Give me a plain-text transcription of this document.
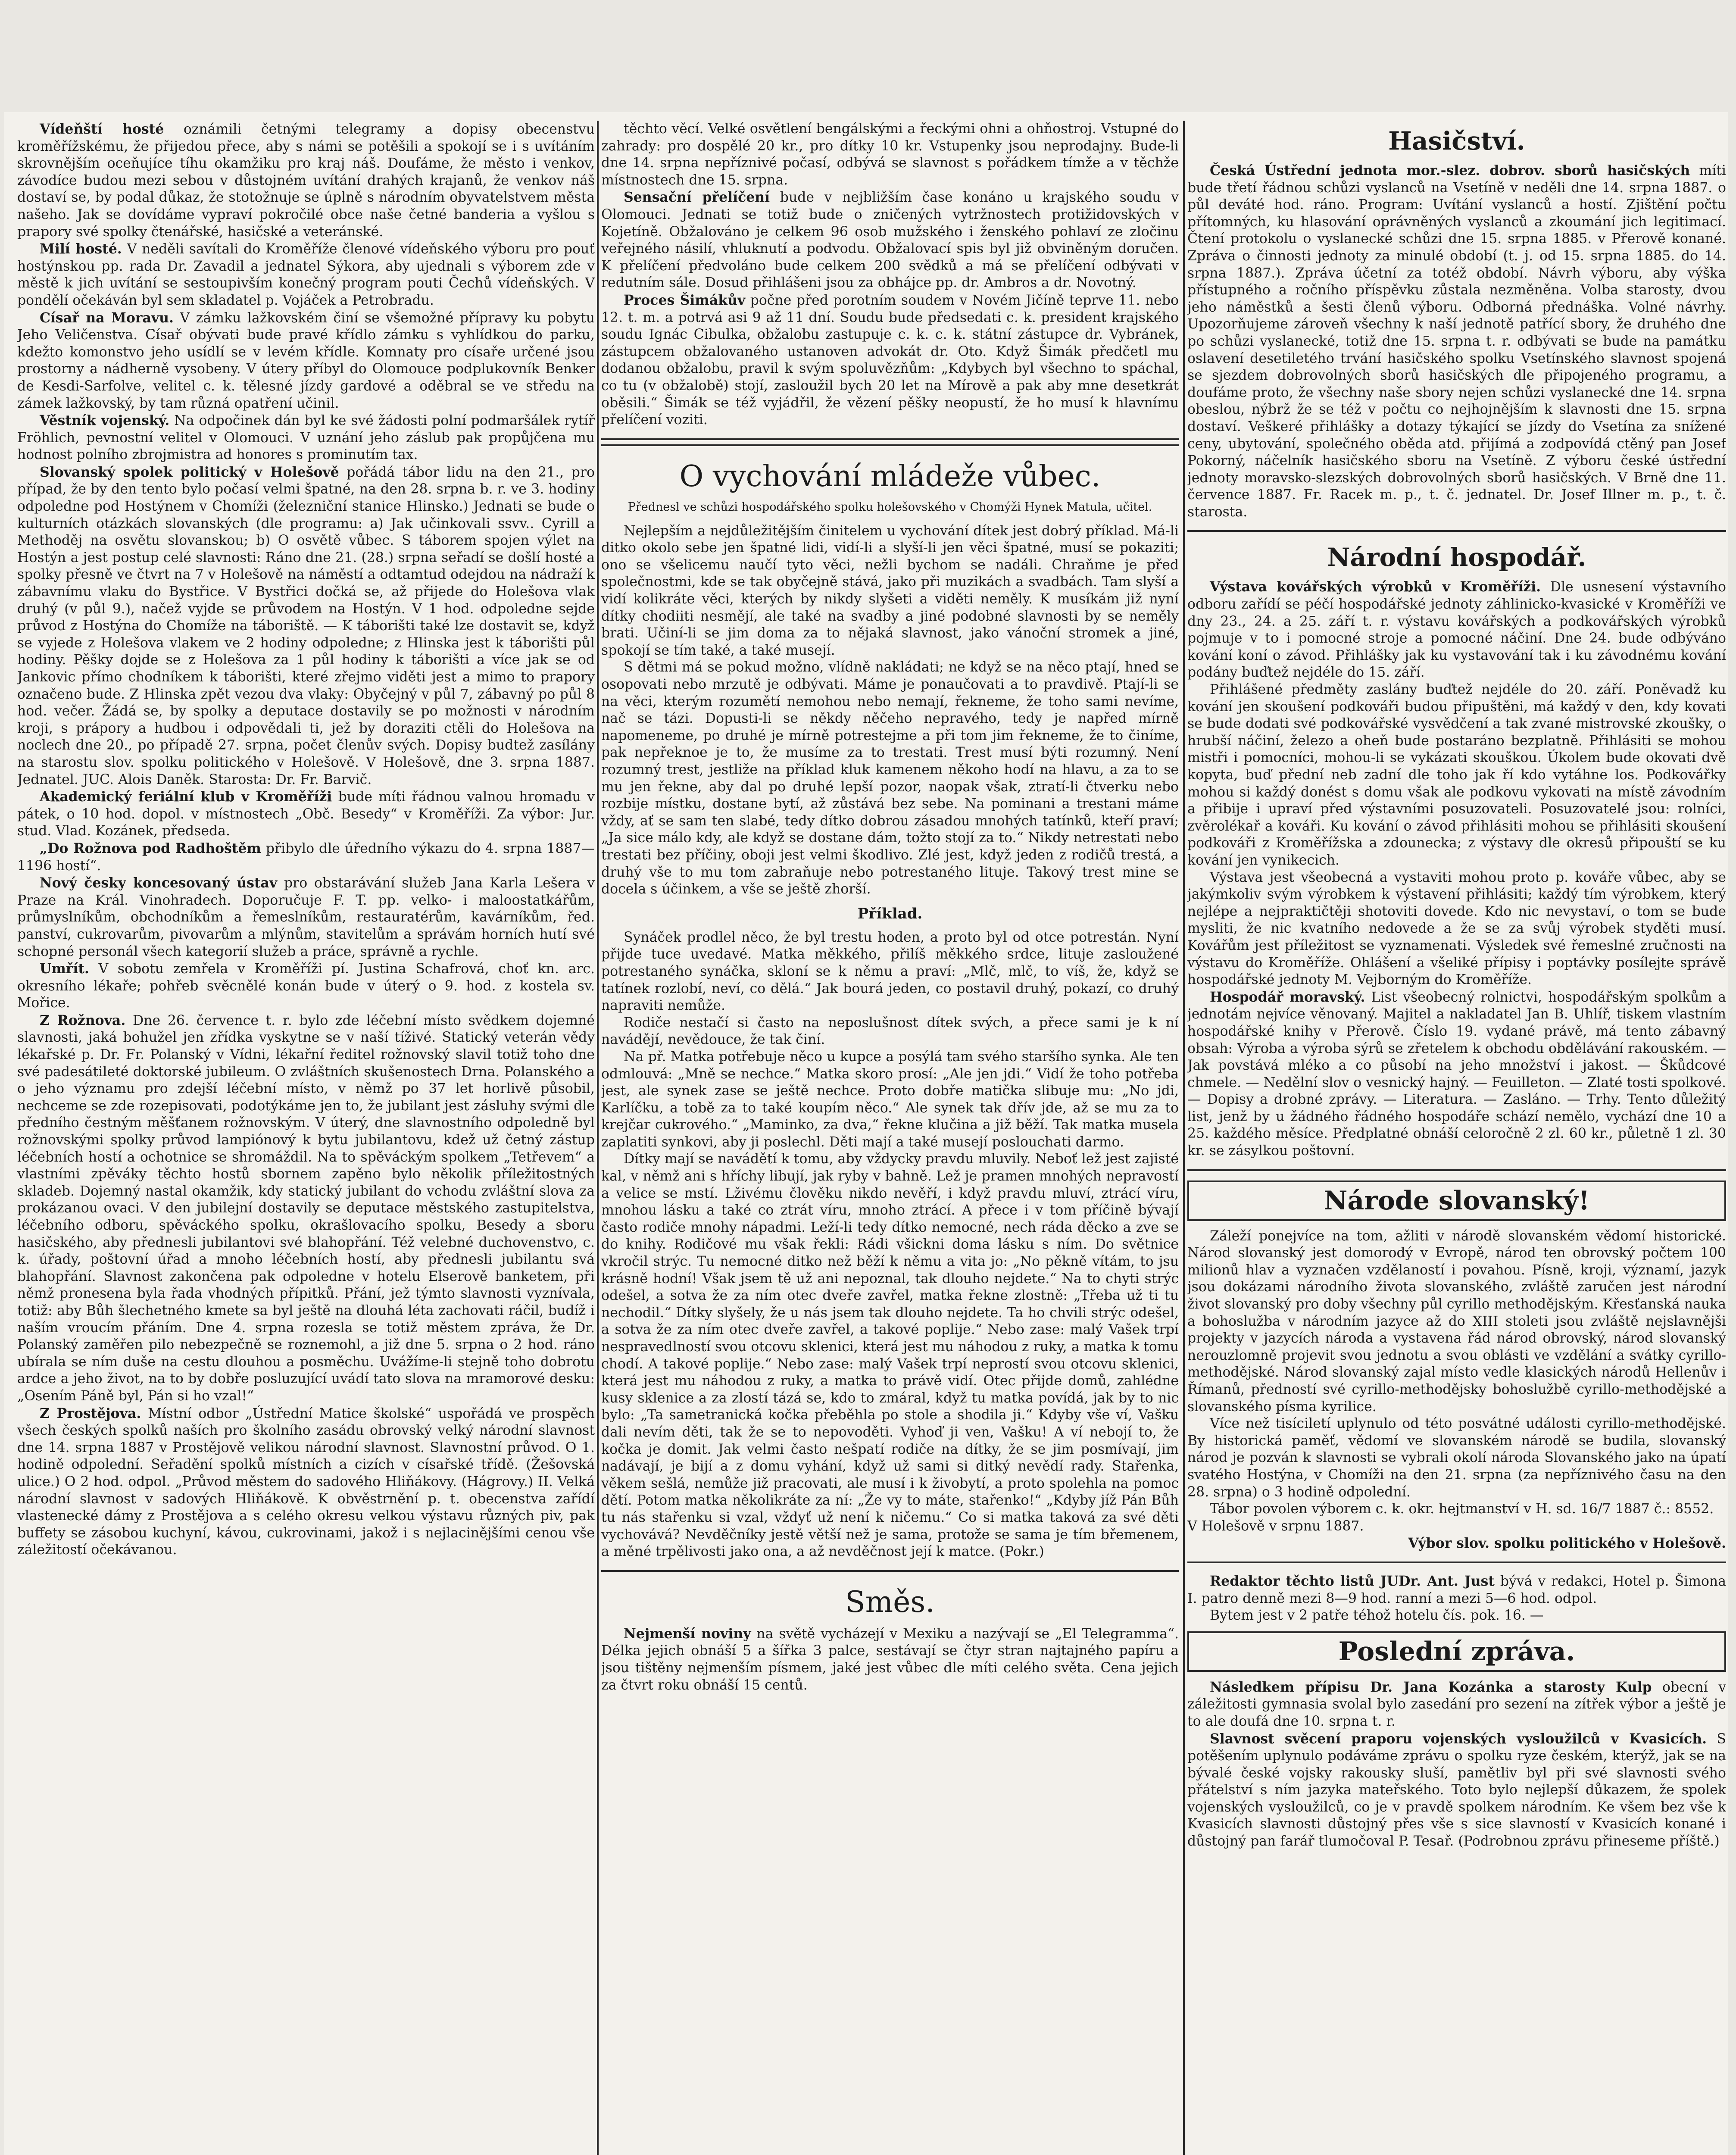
Vídeňští hosté oznámili četnými telegramy a dopisy obecenstvu kroměřížskému, že přijedou přece, aby s námi se potěšili a spokojí se i s uvítáním skrovnějším oceňujíce tíhu okamžiku pro kraj náš. Doufáme, že město i venkov, závodíce budou mezi sebou v důstojném uvítání drahých krajanů, že venkov náš dostaví se, by podal důkaz, že stotožnuje se úplně s národním obyvatelstvem města našeho. Jak se dovídáme vypraví pokročilé obce naše četné banderia a vyšlou s prapory své spolky čtenářské, hasičské a veteránské.

Milí hosté. V neděli savítali do Kroměříže členové vídeňského výboru pro pouť hostýnskou pp. rada Dr. Zavadil a jednatel Sýkora, aby ujednali s výborem zde v městě k jich uvítání se sestoupivším konečný program pouti Čechů vídeňských. V pondělí očekáván byl sem skladatel p. Vojáček a Petrobradu.

Císař na Moravu. V zámku lažkovském činí se všemožné přípravy ku pobytu Jeho Veličenstva. Císař obývati bude pravé křídlo zámku s vyhlídkou do parku, kdežto komonstvo jeho usídlí se v levém křídle. Komnaty pro císaře určené jsou prostorny a nádherně vysobeny. V útery příbyl do Olomouce podplukovník Benker de Kesdi-Sarfolve, velitel c. k. tělesné jízdy gardové a oděbral se ve středu na zámek lažkovský, by tam různá opatření učinil.

Věstník vojenský. Na odpočinek dán byl ke své žádosti polní podmaršálek rytíř Fröhlich, pevnostní velitel v Olomouci. V uznání jeho záslub pak propůjčena mu hodnost polního zbrojmistra ad honores s prominutím tax.

Slovanský spolek politický v Holešově pořádá tábor lidu na den 21., pro případ, že by den tento bylo počasí velmi špatné, na den 28. srpna b. r. ve 3. hodiny odpoledne pod Hostýnem v Chomíži (železniční stanice Hlinsko.) Jednati se bude o kulturních otázkách slovanských (dle programu: a) Jak učinkovali ssvv.. Cyrill a Methoděj na osvětu slovanskou; b) O osvětě vůbec. S táborem spojen výlet na Hostýn a jest postup celé slavnosti: Ráno dne 21. (28.) srpna seřadí se došlí hosté a spolky přesně ve čtvrt na 7 v Holešově na náměstí a odtamtud odejdou na nádraží k zábavnímu vlaku do Bystřice. V Bystřici dočká se, až přijede do Holešova vlak druhý (v půl 9.), načež vyjde se průvodem na Hostýn. V 1 hod. odpoledne sejde průvod z Hostýna do Chomíže na táboriště. — K táborišti také lze dostavit se, když se vyjede z Holešova vlakem ve 2 hodiny odpoledne; z Hlinska jest k táborišti půl hodiny. Pěšky dojde se z Holešova za 1 půl hodiny k táborišti a více jak se od Jankovic přímo chodníkem k táborišti, které zřejmo viděti jest a mimo to prapory označeno bude. Z Hlinska zpět vezou dva vlaky: Obyčejný v půl 7, zábavný po půl 8 hod. večer. Žádá se, by spolky a deputace dostavily se po možnosti v národním kroji, s prápory a hudbou i odpovědali ti, jež by doraziti ctěli do Holešova na noclech dne 20., po případě 27. srpna, počet členův svých. Dopisy budtež zasílány na starostu slov. spolku politického v Holešově. V Holešově, dne 3. srpna 1887. Jednatel. JUC. Alois Daněk. Starosta: Dr. Fr. Barvič.

Akademický feriální klub v Kroměříži bude míti řádnou valnou hromadu v pátek, o 10 hod. dopol. v místnostech „Obč. Besedy“ v Kroměříži. Za výbor: Jur. stud. Vlad. Kozánek, předseda.

„Do Rožnova pod Radhoštěm přibylo dle úředního výkazu do 4. srpna 1887—1196 hostí“.

Nový česky koncesovaný ústav pro obstarávání služeb Jana Karla Lešera v Praze na Král. Vinohradech. Doporučuje F. T. pp. velko- i maloostatkářům, průmyslníkům, obchodníkům a řemeslníkům, restauratérům, kavárníkům, řed. panství, cukrovarům, pivovarům a mlýnům, stavitelům a správám horních hutí své schopné personál všech kategorií služeb a práce, správně a rychle.

Umřít. V sobotu zemřela v Kroměříži pí. Justina Schafrová, choť kn. arc. okresního lékaře; pohřeb svěcnělé konán bude v úterý o 9. hod. z kostela sv. Mořice.

Z Rožnova. Dne 26. července t. r. bylo zde léčební místo svědkem dojemné slavnosti, jaká bohužel jen zřídka vyskytne se v naší tíživé. Statický veterán vědy lékařské p. Dr. Fr. Polanský v Vídni, lékařní ředitel rožnovský slavil totiž toho dne své padesátileté doktorské jubileum. O zvláštních skušenostech Drna. Polanského a o jeho významu pro zdejší léčební místo, v němž po 37 let horlivě působil, nechceme se zde rozepisovati, podotýkáme jen to, že jubilant jest zásluhy svými dle předního čestným měšťanem rožnovským. V úterý, dne slavnostního odpoledně byl rožnovskými spolky průvod lampiónový k bytu jubilantovu, kdež už četný zástup léčebních hostí a ochotnice se shromáždil. Na to spěváckým spolkem „Tetřevem“ a vlastními zpěváky těchto hostů sbornem zapěno bylo několik příležitostných skladeb. Dojemný nastal okamžik, kdy statický jubilant do vchodu zvláštní slova za prokázanou ovaci. V den jubilejní dostavily se deputace městského zastupitelstva, léčebního odboru, spěváckého spolku, okrašlovacího spolku, Besedy a sboru hasičského, aby přednesli jubilantovi své blahopřání. Též velebné duchovenstvo, c. k. úřady, poštovní úřad a mnoho léčebních hostí, aby přednesli jubilantu svá blahopřání. Slavnost zakončena pak odpoledne v hotelu Elserově banketem, při němž pronesena byla řada vhodných přípitků. Přání, jež týmto slavnosti vyznívala, totiž: aby Bůh šlechetného kmete sa byl ještě na dlouhá léta zachovati ráčil, budíž i naším vroucím přáním. Dne 4. srpna rozesla se totiž městem zpráva, že Dr. Polanský zaměřen pilo nebezpečně se roznemohl, a již dne 5. srpna o 2 hod. ráno ubírala se ním duše na cestu dlouhou a posměchu. Uvážíme-li stejně toho dobrotu ardce a jeho život, na to by dobře posluzující uvádí tato slova na mramorové desku: „Osením Páně byl, Pán si ho vzal!“

Z Prostějova. Místní odbor „Ústřední Matice školské“ uspořádá ve prospěch všech českých spolků naších pro školního zasádu obrovský velký národní slavnost dne 14. srpna 1887 v Prostějově velikou národní slavnost. Slavnostní průvod. O 1. hodině odpolední. Seřadění spolků místních a cizích v císařské třídě. (Žešovská ulice.) O 2 hod. odpol. „Průvod městem do sadového Hliňákovy. (Hágrovy.) II. Velká národní slavnost v sadových Hliňákově. K obvěstrnění p. t. obecenstva zařídí vlastenecké dámy z Prostějova a s celého okresu velkou výstavu různých piv, pak buffety se zásobou kuchyní, kávou, cukrovinami, jakož i s nejlacinějšími cenou vše záležitostí očekávanou.

těchto věcí. Velké osvětlení bengálskými a řeckými ohni a ohňostroj. Vstupné do zahrady: pro dospělé 20 kr., pro dítky 10 kr. Vstupenky jsou neprodajny. Bude-li dne 14. srpna nepříznivé počasí, odbývá se slavnost s pořádkem tímže a v těchže místnostech dne 15. srpna.

Sensační přelíčení bude v nejbližším čase konáno u krajského soudu v Olomouci. Jednati se totiž bude o zničených vytržnostech protižidovských v Kojetíně. Obžalováno je celkem 96 osob mužského i ženského pohlaví ze zločinu veřejného násilí, vhluknutí a podvodu. Obžalovací spis byl již obviněným doručen. K přelíčení předvoláno bude celkem 200 svědků a má se přelíčení odbývati v redutním sále. Dosud přihlášeni jsou za obhájce pp. dr. Ambros a dr. Novotný.

Proces Šimákův počne před porotním soudem v Novém Jičíně teprve 11. nebo 12. t. m. a potrvá asi 9 až 11 dní. Soudu bude předsedati c. k. president krajského soudu Ignác Cibulka, obžalobu zastupuje c. k. c. k. státní zástupce dr. Vybránek, zástupcem obžalovaného ustanoven advokát dr. Oto. Když Šimák předčetl mu dodanou obžalobu, pravil k svým spoluvězňům: „Kdybych byl všechno to spáchal, co tu (v obžalobě) stojí, zasloužil bych 20 let na Mírově a pak aby mne desetkrát oběsili.“ Šimák se též vyjádřil, že vězení pěšky neopustí, že ho musí k hlavnímu přelíčení voziti.

O vychování mládeže vůbec.
Přednesl ve schůzi hospodářského spolku holešovského v Chomýži Hynek Matula, učitel.

Nejlepším a nejdůležitějším činitelem u vychování dítek jest dobrý příklad. Má-li ditko okolo sebe jen špatné lidi, vidí-li a slyší-li jen věci špatné, musí se pokaziti; ono se všelicemu naučí tyto věci, nežli bychom se nadáli. Chraňme je před společnostmi, kde se tak obyčejně stává, jako při muzikách a svadbách. Tam slyší a vidí kolikráte věci, kterých by nikdy slyšeti a viděti neměly. K musíkám již nyní dítky chodiiti nesmějí, ale také na svadby a jiné podobné slavnosti by se neměly brati. Učiní-li se jim doma za to nějaká slavnost, jako vánoční stromek a jiné, spokojí se tím také, a také musejí.

S dětmi má se pokud možno, vlídně nakládati; ne když se na něco ptají, hned se osopovati nebo mrzutě je odbývati. Máme je ponaučovati a to pravdivě. Ptají-li se na věci, kterým rozumětí nemohou nebo nemají, řekneme, že toho sami nevíme, nač se tázi. Dopusti-li se někdy něčeho nepravého, tedy je napřed mírně napomeneme, po druhé je mírně potrestejme a při tom jim řekneme, že to činíme, pak nepřeknoe je to, že musíme za to trestati. Trest musí býti rozumný. Není rozumný trest, jestliže na příklad kluk kamenem někoho hodí na hlavu, a za to se mu jen řekne, aby dal po druhé lepší pozor, naopak však, ztratí-li čtverku nebo rozbije místku, dostane bytí, až zůstává bez sebe. Na pominani a trestani máme vždy, ať se sam ten slabé, tedy dítko dobrou zásadou mnohých tatínků, kteří praví; „Ja sice málo kdy, ale když se dostane dám, tožto stojí za to.“ Nikdy netrestati nebo trestati bez příčiny, oboji jest velmi škodlivo. Zlé jest, když jeden z rodičů trestá, a druhý vše to mu tom zabraňuje nebo potrestaného lituje. Takový trest mine se docela s účinkem, a vše se ještě zhorší.

Příklad.

Synáček prodlel něco, že byl trestu hoden, a proto byl od otce potrestán. Nyní přijde tuce uvedavé. Matka měkkého, přilíš měkkého srdce, lituje zasloužené potrestaného synáčka, skloní se k němu a praví: „Mlč, mlč, to víš, že, když se tatínek rozlobí, neví, co dělá.“ Jak bourá jeden, co postavil druhý, pokazí, co druhý napraviti nemůže.

Rodiče nestačí si často na neposlušnost dítek svých, a přece sami je k ní navádějí, nevědouce, že tak činí.

Na př. Matka potřebuje něco u kupce a posýlá tam svého staršího synka. Ale ten odmlouvá: „Mně se nechce.“ Matka skoro prosí: „Ale jen jdi.“ Vidí že toho potřeba jest, ale synek zase se ještě nechce. Proto dobře matička slibuje mu: „No jdi, Karlíčku, a tobě za to také koupím něco.“ Ale synek tak dřív jde, až se mu za to krejčar cukrového.“ „Maminko, za dva,“ řekne klučina a již běží. Tak matka musela zaplatiti synkovi, aby ji poslechl. Děti mají a také musejí poslouchati darmo.

Dítky mají se navádětí k tomu, aby vždycky pravdu mluvily. Neboť lež jest zajisté kal, v němž ani s hříchy libují, jak ryby v bahně. Lež je pramen mnohých nepravostí a velice se mstí. Lživému člověku nikdo nevěří, i když pravdu mluví, ztrácí víru, mnohou lásku a také co ztrát víru, mnoho ztrácí. A přece i v tom příčině bývají často rodiče mnohy nápadmi. Leží-li tedy dítko nemocné, nech ráda děcko a zve se do knihy. Rodičové mu však řekli: Rádi všickni doma lásku s ním. Do světnice vkročil strýc. Tu nemocné ditko než běží k němu a vita jo: „No pěkně vítám, to jsu krásně hodní! Však jsem tě už ani nepoznal, tak dlouho nejdete.“ Na to chyti strýc odešel, a sotva že za ním otec dveře zavřel, matka řekne zlostně: „Třeba už ti tu nechodil.“ Dítky slyšely, že u nás jsem tak dlouho nejdete. Ta ho chvili strýc odešel, a sotva že za ním otec dveře zavřel, a takové poplije.“ Nebo zase: malý Vašek trpí nespravedlností svou otcovu sklenici, která jest mu náhodou z ruky, a matka k tomu chodí. A takové poplije.“ Nebo zase: malý Vašek trpí neprostí svou otcovu sklenici, která jest mu náhodou z ruky, a matka to právě vidí. Otec přijde domů, zahlédne kusy sklenice a za zlostí tázá se, kdo to zmáral, když tu matka povídá, jak by to nic bylo: „Ta sametranická kočka přeběhla po stole a shodila ji.“ Kdyby vše ví, Vašku dali nevím děti, tak že se to nepovoděti. Vyhoď ji ven, Vašku! A ví nebojí to, že kočka je domit. Jak velmi často nešpatí rodiče na dítky, že se jim posmívají, jim nadávají, je bijí a z domu vyhání, když už sami si ditký nevědí rady. Stařenka, věkem sešlá, nemůže již pracovati, ale musí i k živobytí, a proto spolehla na pomoc dětí. Potom matka několikráte za ní: „Že vy to máte, stařenko!“ „Kdyby jíž Pán Bůh tu nás stařenku si vzal, vždyť už není k ničemu.“ Co si matka taková za své děti vychovává? Nevděčníky jestě větší než je sama, protože se sama je tím břemenem, a měné trpělivosti jako ona, a až nevděčnost její k matce. (Pokr.)

Směs.

Nejmenší noviny na světě vycházejí v Mexiku a nazývají se „El Telegramma“. Délka jejich obnáší 5 a šířka 3 palce, sestávají se čtyr stran najtajného papíru a jsou tištěny nejmenším písmem, jaké jest vůbec dle míti celého světa. Cena jejich za čtvrt roku obnáší 15 centů.

Hasičství.

Česká Ústřední jednota mor.-slez. dobrov. sborů hasičských míti bude třetí řádnou schůzi vyslanců na Vsetíně v neděli dne 14. srpna 1887. o půl deváté hod. ráno. Program: Uvítání vyslanců a hostí. Zjištění počtu přítomných, ku hlasování oprávněných vyslanců a zkoumání jich legitimací. Čtení protokolu o vyslanecké schůzi dne 15. srpna 1885. v Přerově konané. Zpráva o činnosti jednoty za minulé období (t. j. od 15. srpna 1885. do 14. srpna 1887.). Zpráva účetní za totéž období. Návrh výboru, aby výška přístupného a ročního příspěvku zůstala nezměněna. Volba starosty, dvou jeho náměstků a šesti členů výboru. Odborná přednáška. Volné návrhy. Upozorňujeme zároveň všechny k naší jednotě patřící sbory, že druhého dne po schůzi vyslanecké, totiž dne 15. srpna t. r. odbývati se bude na památku oslavení desetiletého trvání hasičského spolku Vsetínského slavnost spojená se sjezdem dobrovolných sborů hasičských dle připojeného programu, a doufáme proto, že všechny naše sbory nejen schůzi vyslanecké dne 14. srpna obeslou, nýbrž že se též v počtu co nejhojnějším k slavnosti dne 15. srpna dostaví. Veškeré přihlášky a dotazy týkající se jízdy do Vsetína za snížené ceny, ubytování, společného oběda atd. přijímá a zodpovídá ctěný pan Josef Pokorný, náčelník hasičského sboru na Vsetíně. Z výboru české ústřední jednoty moravsko-slezských dobrovolných sborů hasičských. V Brně dne 11. července 1887. Fr. Racek m. p., t. č. jednatel. Dr. Josef Illner m. p., t. č. starosta.

Národní hospodář.

Výstava kovářských výrobků v Kroměříži. Dle usnesení výstavního odboru zařídí se péčí hospodářské jednoty záhlinicko-kvasické v Kroměříži ve dny 23., 24. a 25. září t. r. výstavu kovářských a podkovářských výrobků pojmuje v to i pomocné stroje a pomocné náčiní. Dne 24. bude odbýváno kování koní o závod. Přihlášky jak ku vystavování tak i ku závodnému kování podány buďtež nejdéle do 15. září.

Přihlášené předměty zaslány buďtež nejdéle do 20. září. Poněvadž ku kování jen skoušení podkováři budou připuštěni, má každý v den, kdy kovati se bude dodati své podkovářské vysvědčení a tak zvané mistrovské zkoušky, o hrubší náčiní, železo a oheň bude postaráno bezplatně. Přihlásiti se mohou mistři i pomocníci, mohou-li se vykázati skouškou. Úkolem bude okovati dvě kopyta, buď přední neb zadní dle toho jak ří kdo vytáhne los. Podkovářky mohou si každý donést s domu však ale podkovu vykovati na místě závodním a přibije i upraví před výstavními posuzovateli. Posuzovatelé jsou: rolníci, zvěrolékař a kováři. Ku kování o závod přihlásiti mohou se přihlásiti skoušení podkováři z Kroměřížska a zdounecka; z výstavy dle okresů připouští se ku kování jen vynikecich.

Výstava jest všeobecná a vystaviti mohou proto p. kováře vůbec, aby se jakýmkoliv svým výrobkem k výstavení přihlásiti; každý tím výrobkem, který nejlépe a nejpraktičtěji shotoviti dovede. Kdo nic nevystaví, o tom se bude mysliti, že nic kvatního nedovede a že se za svůj výrobek styděti musí. Kovářům jest příležitost se vyznamenati. Výsledek své řemeslné zručnosti na výstavu do Kroměříže. Ohlášení a všeliké přípisy i poptávky posílejte správě hospodářské jednoty M. Vejborným do Kroměříže.

Hospodář moravský. List všeobecný rolnictvi, hospodářským spolkům a jednotám nejvíce věnovaný. Majitel a nakladatel Jan B. Uhlíř, tiskem vlastním hospodářské knihy v Přerově. Číslo 19. vydané právě, má tento zábavný obsah: Výroba a výroba sýrů se zřetelem k obchodu obdělávání rakouském. — Jak povstává mléko a co působí na jeho množství i jakost. — Škůdcové chmele. — Nedělní slov o vesnický hajný. — Feuilleton. — Zlaté tosti spolkové. — Dopisy a drobné zprávy. — Literatura. — Zasláno. — Trhy. Tento důležitý list, jenž by u žádného řádného hospodáře schází nemělo, vychází dne 10 a 25. každého měsíce. Předplatné obnáší celoročně 2 zl. 60 kr., půletně 1 zl. 30 kr. se zásylkou poštovní.

Národe slovanský!

Záleží ponejvíce na tom, ažliti v národě slovanském vědomí historické. Národ slovanský jest domorodý v Evropě, národ ten obrovský počtem 100 milionů hlav a vyznačen vzdělaností i povahou. Písně, kroji, významí, jazyk jsou dokázami národního života slovanského, zvláště zaručen jest národní život slovanský pro doby všechny půl cyrillo methodějským. Křesťanská nauka a bohoslužba v národním jazyce až do XIII stoleti jsou zvláště nejslavnějši projekty v jazycích národa a vystavena řád národ obrovský, národ slovanský nerouzlomně projevit svou jednotu a svou oblásti ve vzdělání a svátky cyrillo-methodějské. Národ slovanský zajal místo vedle klasických národů Hellenův i Římanů, předností své cyrillo-methodějsky bohoslužbě cyrillo-methodějské a slovanského písma kyrilice.

Více než tisíciletí uplynulo od této posvátné události cyrillo-methodějské. By historická paměť, vědomí ve slovanském národě se budila, slovanský národ je pozván k slavnosti se vybrali okolí národa Slovanského jako na úpatí svatého Hostýna, v Chomíži na den 21. srpna (za nepříznivého času na den 28. srpna) o 3 hodině odpolední.

Tábor povolen výborem c. k. okr. hejtmanství v H. sd. 16/7 1887 č.: 8552.

V Holešově v srpnu 1887.

Výbor slov. spolku politického v Holešově.

Redaktor těchto listů JUDr. Ant. Just bývá v redakci, Hotel p. Šimona I. patro denně mezi 8—9 hod. ranní a mezi 5—6 hod. odpol.

Bytem jest v 2 patře téhož hotelu čís. pok. 16. —

Poslední zpráva.

Následkem přípisu Dr. Jana Kozánka a starosty Kulp obecní v záležitosti gymnasia svolal bylo zasedání pro sezení na zítřek výbor a ještě je to ale doufá dne 10. srpna t. r.

Slavnost svěcení praporu vojenských vysloužilců v Kvasicích. S potěšením uplynulo podáváme zprávu o spolku ryze českém, kterýž, jak se na bývalé české vojsky rakousky sluší, pamětliv byl při své slavnosti svého přátelství s ním jazyka mateřského. Toto bylo nejlepší důkazem, že spolek vojenských vysloužilců, co je v pravdě spolkem národním. Ke všem bez vše k Kvasicích slavnosti důstojný přes vše s sice slavností v Kvasicích konané i důstojný pan farář tlumočoval P. Tesař. (Podrobnou zprávu přineseme příště.)
